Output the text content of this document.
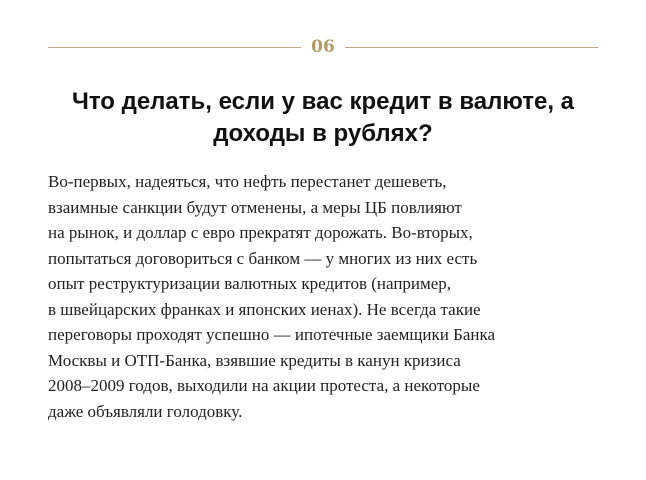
06
Что делать, если у вас кредит в валюте, а
доходы в рублях?

Во-первых, надеяться, что нефть перестанет дешеветь,
взаимные санкции будут отменены, а меры ЦБ повлияют
на рынок, и доллар с евро прекратят дорожать. Во-вторых,
попытаться договориться с банком — у многих из них есть
опыт реструктуризации валютных кредитов (например,
в швейцарских франках и японских иенах). Не всегда такие
переговоры проходят успешно — ипотечные заемщики Банка
Москвы и ОТП-Банка, взявшие кредиты в канун кризиса
2008–2009 годов, выходили на акции протеста, а некоторые
даже объявляли голодовку.
